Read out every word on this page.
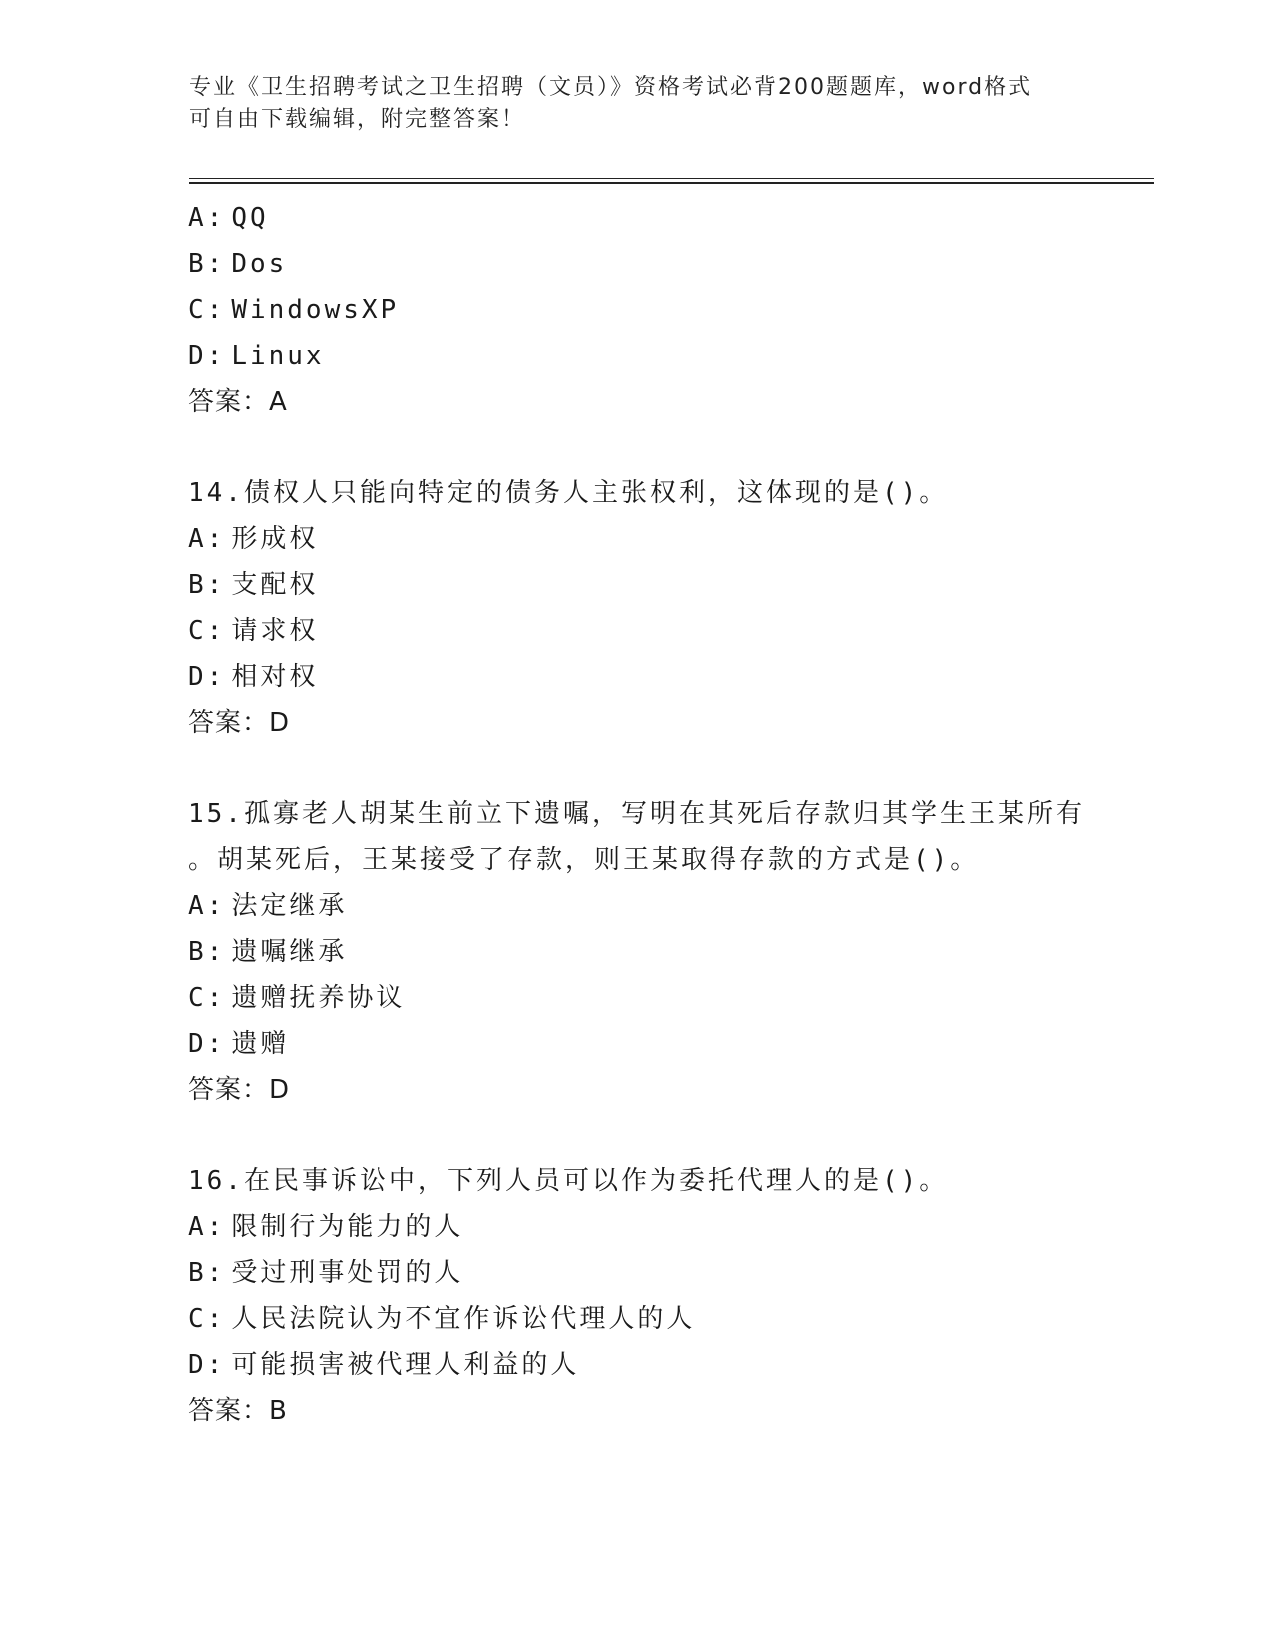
专业《卫生招聘考试之卫生招聘（文员）》资格考试必背200题题库，word格式
可自由下载编辑，附完整答案！
A: QQ
B: Dos
C: WindowsXP
D: Linux
答案：A
14.债权人只能向特定的债务人主张权利，这体现的是()。
A: 形成权
B: 支配权
C: 请求权
D: 相对权
答案：D
15.孤寡老人胡某生前立下遗嘱，写明在其死后存款归其学生王某所有
。胡某死后，王某接受了存款，则王某取得存款的方式是()。
A: 法定继承
B: 遗嘱继承
C: 遗赠抚养协议
D: 遗赠
答案：D
16.在民事诉讼中，下列人员可以作为委托代理人的是()。
A: 限制行为能力的人
B: 受过刑事处罚的人
C: 人民法院认为不宜作诉讼代理人的人
D: 可能损害被代理人利益的人
答案：B
